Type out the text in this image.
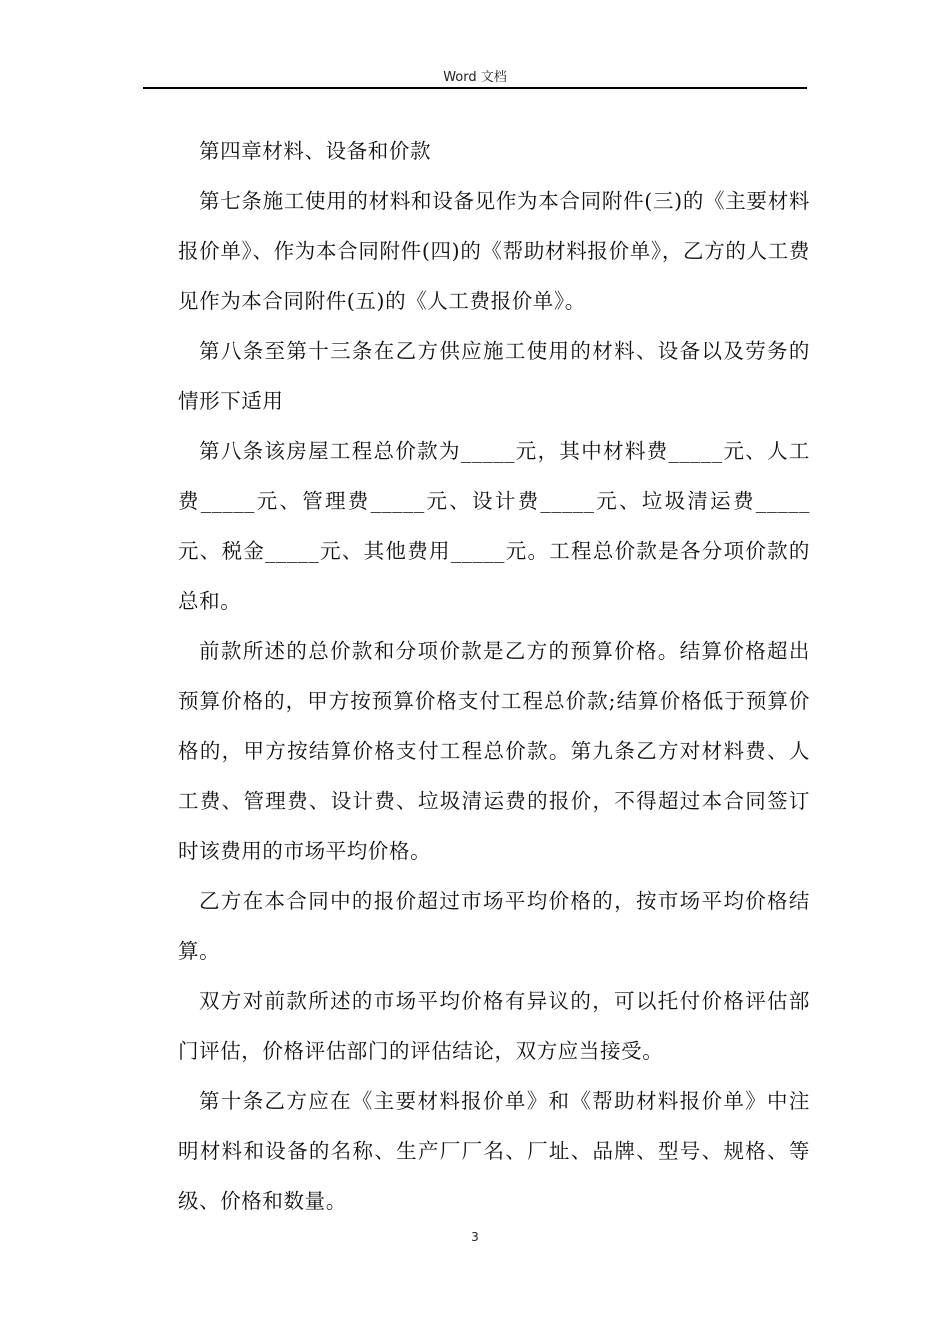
Word 文档

第四章材料、设备和价款

第七条施工使用的材料和设备见作为本合同附件(三)的《主要材料报价单》、作为本合同附件(四)的《帮助材料报价单》，乙方的人工费见作为本合同附件(五)的《人工费报价单》。

第八条至第十三条在乙方供应施工使用的材料、设备以及劳务的情形下适用

第八条该房屋工程总价款为_____元，其中材料费_____元、人工费_____元、管理费_____元、设计费_____元、垃圾清运费_____元、税金_____元、其他费用_____元。工程总价款是各分项价款的总和。

前款所述的总价款和分项价款是乙方的预算价格。结算价格超出预算价格的，甲方按预算价格支付工程总价款;结算价格低于预算价格的，甲方按结算价格支付工程总价款。第九条乙方对材料费、人工费、管理费、设计费、垃圾清运费的报价，不得超过本合同签订时该费用的市场平均价格。

乙方在本合同中的报价超过市场平均价格的，按市场平均价格结算。

双方对前款所述的市场平均价格有异议的，可以托付价格评估部门评估，价格评估部门的评估结论，双方应当接受。

第十条乙方应在《主要材料报价单》和《帮助材料报价单》中注明材料和设备的名称、生产厂厂名、厂址、品牌、型号、规格、等级、价格和数量。

3
